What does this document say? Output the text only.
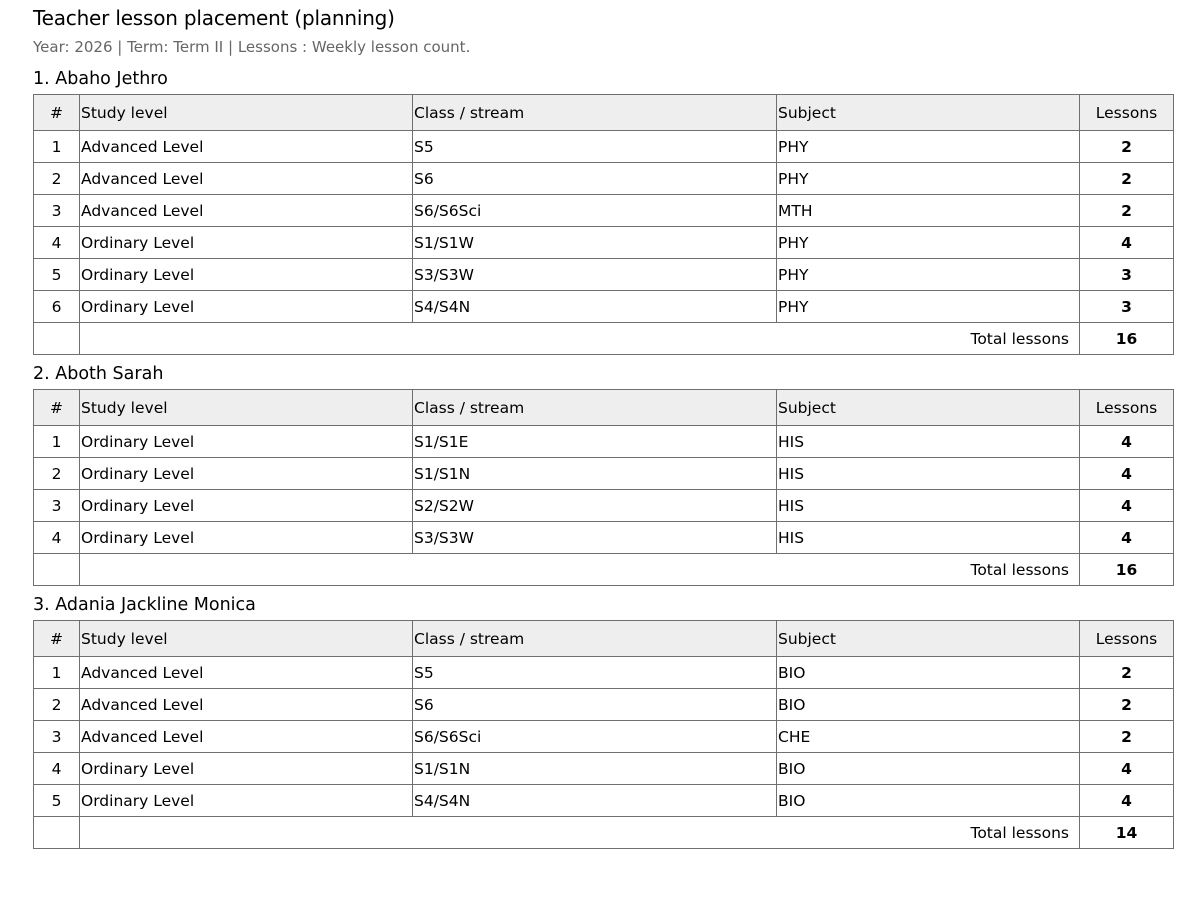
Teacher lesson placement (planning)
Year: 2026 | Term: Term II | Lessons : Weekly lesson count.
1. Abaho Jethro
#	Study level	Class / stream	Subject	Lessons
1	Advanced Level	S5	PHY	2
2	Advanced Level	S6	PHY	2
3	Advanced Level	S6/S6Sci	MTH	2
4	Ordinary Level	S1/S1W	PHY	4
5	Ordinary Level	S3/S3W	PHY	3
6	Ordinary Level	S4/S4N	PHY	3
	Total lessons			16
2. Aboth Sarah
#	Study level	Class / stream	Subject	Lessons
1	Ordinary Level	S1/S1E	HIS	4
2	Ordinary Level	S1/S1N	HIS	4
3	Ordinary Level	S2/S2W	HIS	4
4	Ordinary Level	S3/S3W	HIS	4
	Total lessons			16
3. Adania Jackline Monica
#	Study level	Class / stream	Subject	Lessons
1	Advanced Level	S5	BIO	2
2	Advanced Level	S6	BIO	2
3	Advanced Level	S6/S6Sci	CHE	2
4	Ordinary Level	S1/S1N	BIO	4
5	Ordinary Level	S4/S4N	BIO	4
	Total lessons			14
